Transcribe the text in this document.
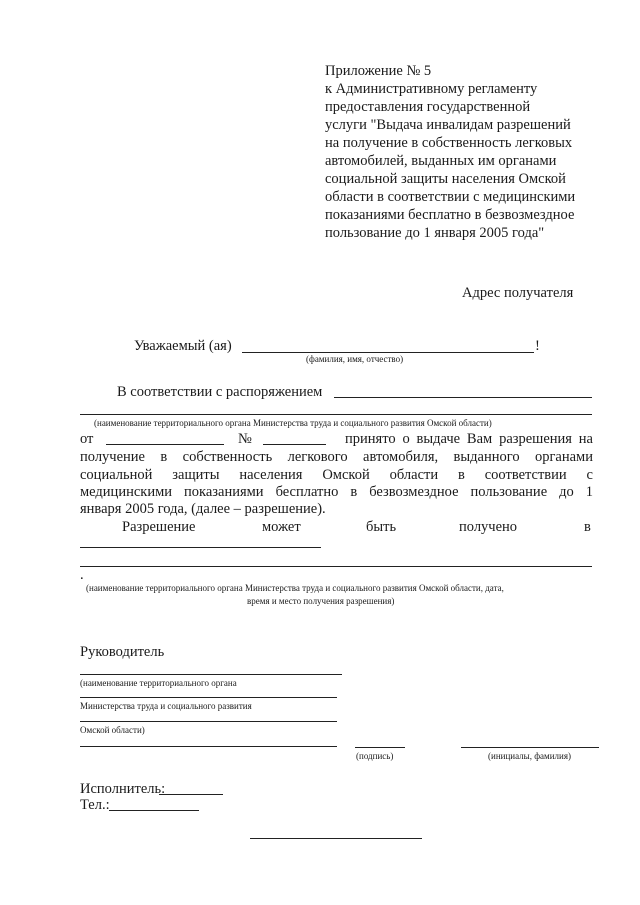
Приложение № 5
к Административному регламенту
предоставления государственной
услуги "Выдача инвалидам разрешений
на получение в собственность легковых
автомобилей, выданных им органами
социальной защиты населения Омской
области в соответствии с медицинскими
показаниями бесплатно в безвозмездное
пользование до 1 января 2005 года"
Адрес получателя
Уважаемый (ая)	!
(фамилия, имя, отчество)
В соответствии с распоряжением
(наименование территориального органа Министерства труда и социального развития Омской области)
от	№	принято о выдаче Вам разрешения на
получение в собственность легкового автомобиля, выданного органами
социальной защиты населения Омской области в соответствии с
медицинскими показаниями бесплатно в безвозмездное пользование до 1
января 2005 года, (далее – разрешение).
Разрешение	может	быть	получено	в
.
(наименование территориального органа Министерства труда и социального развития Омской области, дата,
время и место получения разрешения)
Руководитель
(наименование территориального органа
Министерства труда и социального развития
Омской области)
(подпись)	(инициалы, фамилия)
Исполнитель:
Тел.:
